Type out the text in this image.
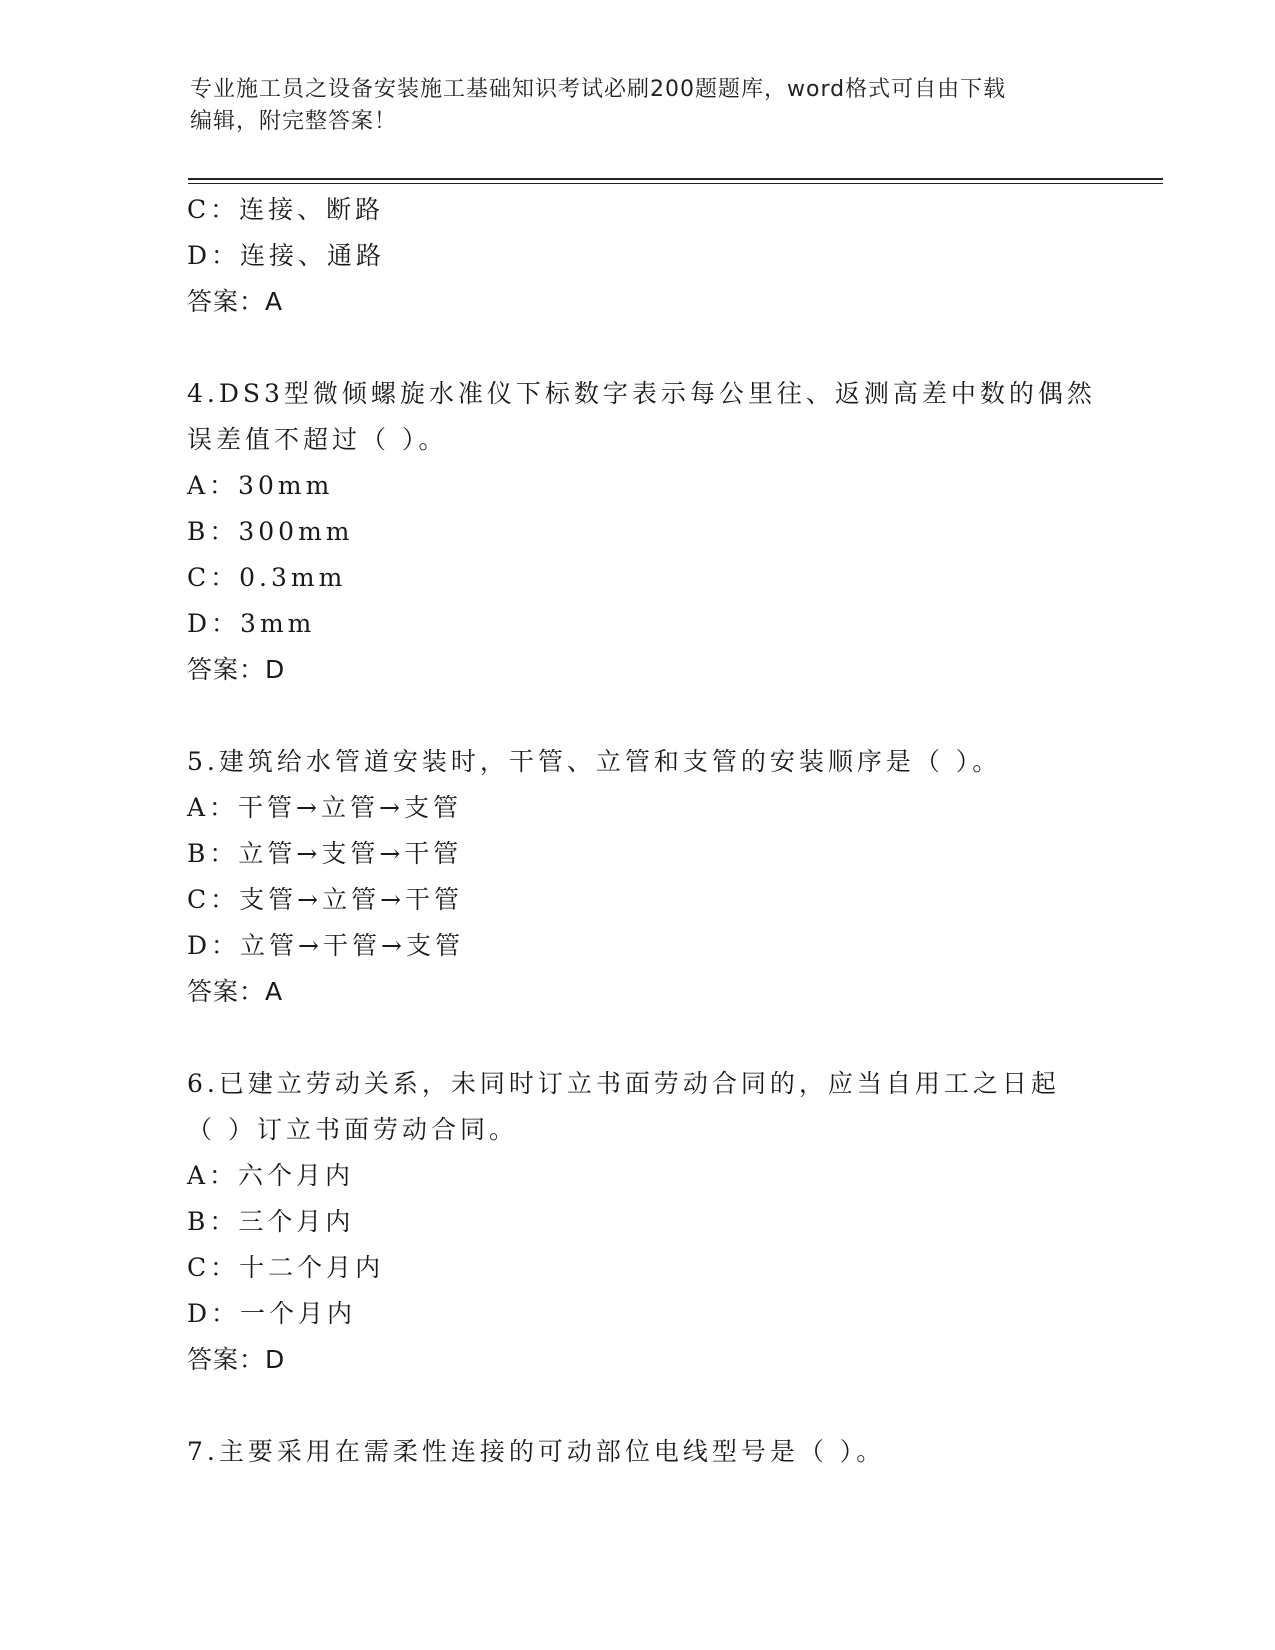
专业施工员之设备安装施工基础知识考试必刷200题题库，word格式可自由下载
编辑，附完整答案！
C：连接、断路
D：连接、通路
答案：A
4.DS3型微倾螺旋水准仪下标数字表示每公里往、返测高差中数的偶然
误差值不超过（ ）。
A：30mm
B：300mm
C：0.3mm
D：3mm
答案：D
5.建筑给水管道安装时，干管、立管和支管的安装顺序是（ ）。
A：干管→立管→支管
B：立管→支管→干管
C：支管→立管→干管
D：立管→干管→支管
答案：A
6.已建立劳动关系，未同时订立书面劳动合同的，应当自用工之日起
（ ）订立书面劳动合同。
A：六个月内
B：三个月内
C：十二个月内
D：一个月内
答案：D
7.主要采用在需柔性连接的可动部位电线型号是（ ）。
